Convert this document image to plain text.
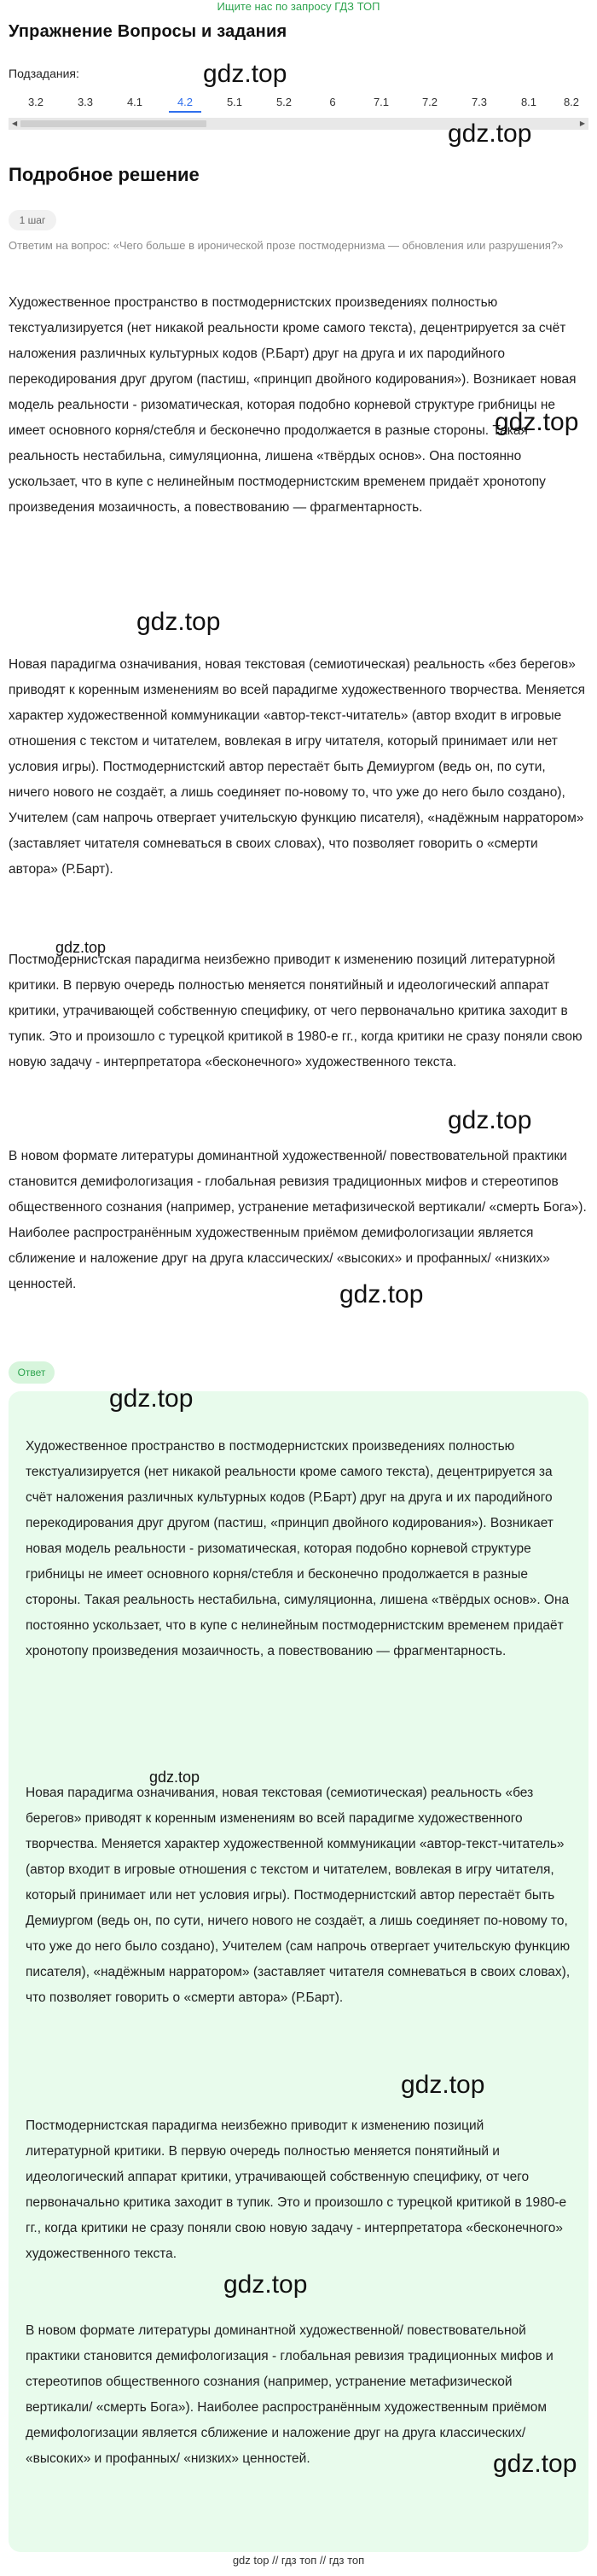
Ищите нас по запросу ГДЗ ТОП
Упражнение Вопросы и задания
Подзадания:
3.2	3.3	4.1	4.2	5.1	5.2	6	7.1	7.2	7.3	8.1	8.2
◀	▶
gdz.top
gdz.top
Подробное решение
1 шаг
Ответим на вопрос: «Чего больше в иронической прозе постмодернизма — обновления или разрушения?»
Художественное пространство в постмодернистских произведениях полностью текстуализируется (нет никакой реальности кроме самого текста), децентрируется за счёт наложения различных культурных кодов (Р.Барт) друг на друга и их пародийного перекодирования друг другом (пастиш, «принцип двойного кодирования»). Возникает новая модель реальности - ризоматическая, которая подобно корневой структуре грибницы не имеет основного корня/стебля и бесконечно продолжается в разные стороны. Такая реальность нестабильна, симуляционна, лишена «твёрдых основ». Она постоянно ускользает, что в купе с нелинейным постмодернистским временем придаёт хронотопу произведения мозаичность, а повествованию — фрагментарность.
gdz.top
gdz.top
Новая парадигма означивания, новая текстовая (семиотическая) реальность «без берегов» приводят к коренным изменениям во всей парадигме художественного творчества. Меняется характер художественной коммуникации «автор-текст-читатель» (автор входит в игровые отношения с текстом и читателем, вовлекая в игру читателя, который принимает или нет условия игры). Постмодернистский автор перестаёт быть Демиургом (ведь он, по сути, ничего нового не создаёт, а лишь соединяет по-новому то, что уже до него было создано), Учителем (сам напрочь отвергает учительскую функцию писателя), «надёжным нарратором» (заставляет читателя сомневаться в своих словах), что позволяет говорить о «смерти автора» (Р.Барт).
gdz.top
Постмодернистская парадигма неизбежно приводит к изменению позиций литературной критики. В первую очередь полностью меняется понятийный и идеологический аппарат критики, утрачивающей собственную специфику, от чего первоначально критика заходит в тупик. Это и произошло с турецкой критикой в 1980-е гг., когда критики не сразу поняли свою новую задачу - интерпретатора «бесконечного» художественного текста.
gdz.top
В новом формате литературы доминантной художественной/ повествовательной практики становится демифологизация - глобальная ревизия традиционных мифов и стереотипов общественного сознания (например, устранение метафизической вертикали/ «смерть Бога»). Наиболее распространённым художественным приёмом демифологизации является сближение и наложение друг на друга классических/ «высоких» и профанных/ «низких» ценностей.	gdz.top
Ответ
gdz.top
Художественное пространство в постмодернистских произведениях полностью текстуализируется (нет никакой реальности кроме самого текста), децентрируется за счёт наложения различных культурных кодов (Р.Барт) друг на друга и их пародийного перекодирования друг другом (пастиш, «принцип двойного кодирования»). Возникает новая модель реальности - ризоматическая, которая подобно корневой структуре грибницы не имеет основного корня/стебля и бесконечно продолжается в разные стороны. Такая реальность нестабильна, симуляционна, лишена «твёрдых основ». Она постоянно ускользает, что в купе с нелинейным постмодернистским временем придаёт хронотопу произведения мозаичность, а повествованию — фрагментарность.
gdz.top
Новая парадигма означивания, новая текстовая (семиотическая) реальность «без берегов» приводят к коренным изменениям во всей парадигме художественного творчества. Меняется характер художественной коммуникации «автор-текст-читатель» (автор входит в игровые отношения с текстом и читателем, вовлекая в игру читателя, который принимает или нет условия игры). Постмодернистский автор перестаёт быть Демиургом (ведь он, по сути, ничего нового не создаёт, а лишь соединяет по-новому то, что уже до него было создано), Учителем (сам напрочь отвергает учительскую функцию писателя), «надёжным нарратором» (заставляет читателя сомневаться в своих словах), что позволяет говорить о «смерти автора» (Р.Барт).
gdz.top
Постмодернистская парадигма неизбежно приводит к изменению позиций литературной критики. В первую очередь полностью меняется понятийный и идеологический аппарат критики, утрачивающей собственную специфику, от чего первоначально критика заходит в тупик. Это и произошло с турецкой критикой в 1980-е гг., когда критики не сразу поняли свою новую задачу - интерпретатора «бесконечного» художественного текста.
gdz.top
В новом формате литературы доминантной художественной/ повествовательной практики становится демифологизация - глобальная ревизия традиционных мифов и стереотипов общественного сознания (например, устранение метафизической вертикали/ «смерть Бога»). Наиболее распространённым художественным приёмом демифологизации является сближение и наложение друг на друга классических/ «высоких» и профанных/ «низких» ценностей.	gdz.top
gdz top // гдз топ // гдз топ
